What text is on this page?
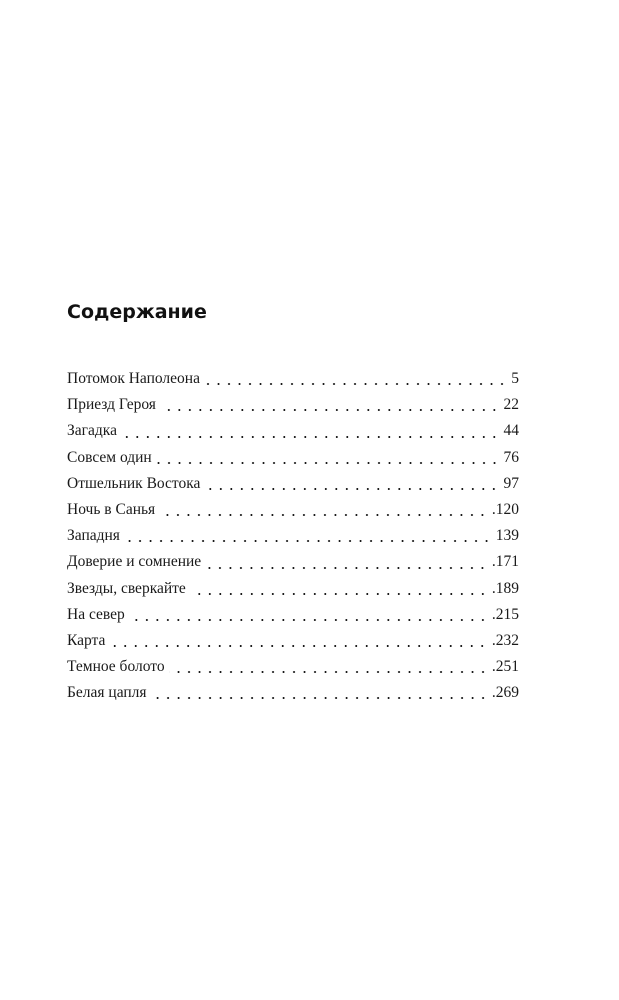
Содержание
Потомок Наполеона	5
Приезд Героя	22
Загадка	44
Совсем один	76
Отшельник Востока	97
Ночь в Санья	.120
Западня	139
Доверие и сомнение	.171
Звезды, сверкайте	.189
На север	.215
Карта	.232
Темное болото	.251
Белая цапля	.269
